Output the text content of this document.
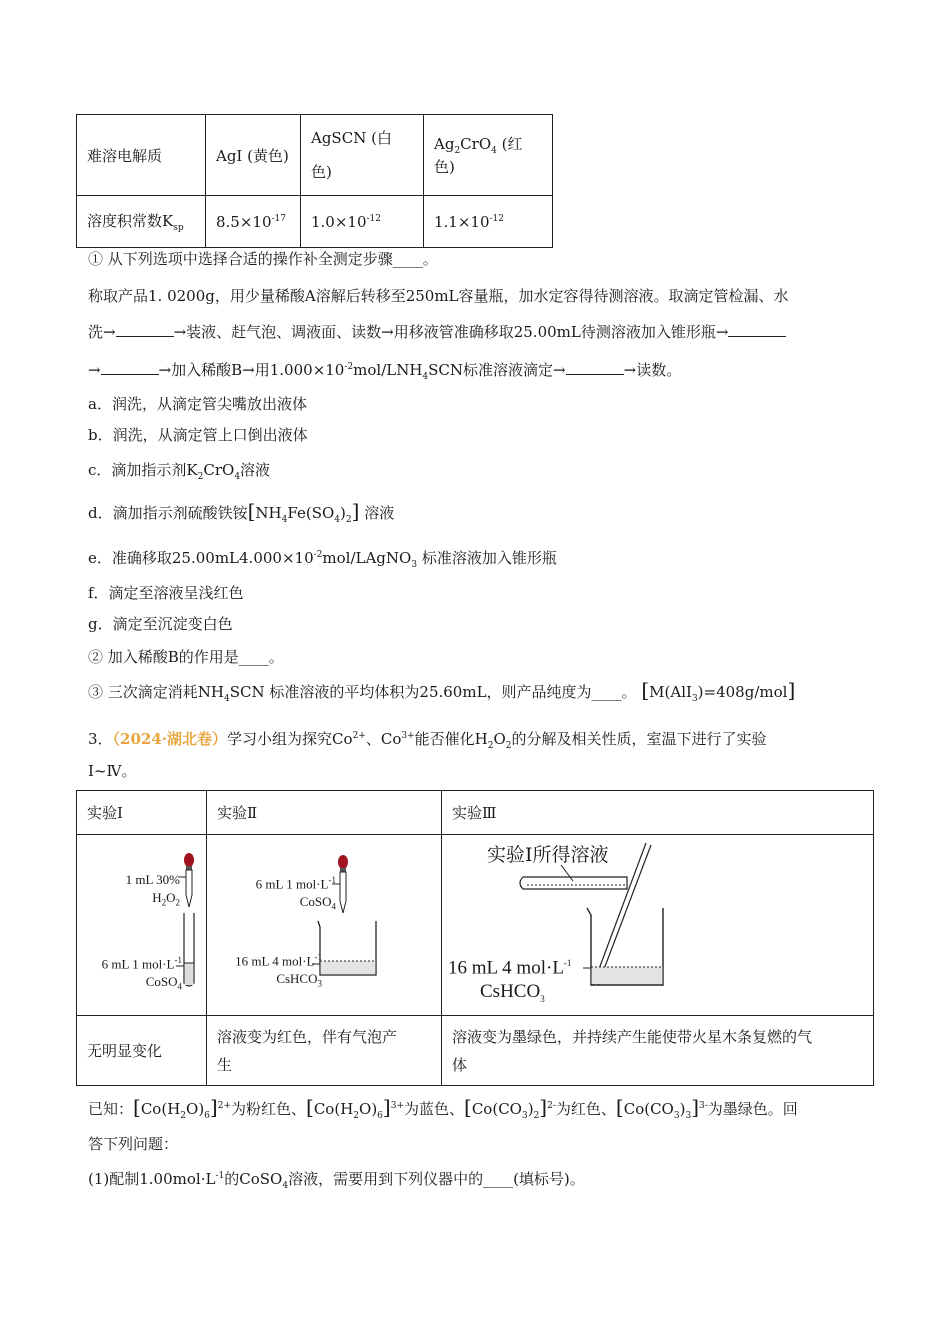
难溶电解质	AgI (黄色)	AgSCN (白
色)	$Ag_2CrO_4$ (红色)
溶度积常数$K_{sp}$	$8.5\times 10^{-17}$	$1.0\times 10^{-12}$	$1.1\times 10^{-12}$
① 从下列选项中选择合适的操作补全测定步骤____。
称取产品1. 0200g，用少量稀酸A溶解后转移至250mL容量瓶，加水定容得待测溶液。取滴定管检漏、水
洗→	→装液、赶气泡、调液面、读数→用移液管准确移取25.00mL待测溶液加入锥形瓶→
→	→加入稀酸B→用$1.000\times 10^{-2}mol/LNH_4SCN$标准溶液滴定→	→读数。
a．润洗，从滴定管尖嘴放出液体
b．润洗，从滴定管上口倒出液体
c．滴加指示剂$K_2CrO_4$溶液
d．滴加指示剂硫酸铁铵$[NH_4Fe(SO_4)_2]$ 溶液
e．准确移取$25.00mL4.000\times 10^{-2}mol/LAgNO_3$ 标准溶液加入锥形瓶
f．滴定至溶液呈浅红色
g．滴定至沉淀变白色
② 加入稀酸B的作用是____。
③ 三次滴定消耗$NH_4SCN$ 标准溶液的平均体积为25.60mL，则产品纯度为____。 [M(AlI$_3$)=408g/mol]
3．（2024·湖北卷）学习小组为探究$Co^{2+}$、$Co^{3+}$能否催化$H_2O_2$的分解及相关性质，室温下进行了实验
Ⅰ~Ⅳ。
实验Ⅰ	实验Ⅱ	实验Ⅲ

无明显变化	溶液变为红色，伴有气泡产
生	溶液变为墨绿色，并持续产生能使带火星木条复燃的气
体
1 mL 30%
$H_2O_2$
6 mL 1 $mol\cdot L^{-1}$
CoSO$_4$
6 mL 1 $mol\cdot L^{-1}$
CoSO$_4$
16 mL 4 $mol\cdot L^{-1}$
CsHCO$_3$
实验Ⅰ所得溶液
16 mL 4 $mol\cdot L^{-1}$
CsHCO$_3$
已知：$[Co(H_2O)_6]^{2+}$为粉红色、$[Co(H_2O)_6]^{3+}$为蓝色、$[Co(CO_3)_2]^{2-}$为红色、$[Co(CO_3)_3]^{3-}$为墨绿色。回
答下列问题：
(1)配制$1.00mol\cdot L^{-1}$的CoSO$_4$溶液，需要用到下列仪器中的____(填标号)。
